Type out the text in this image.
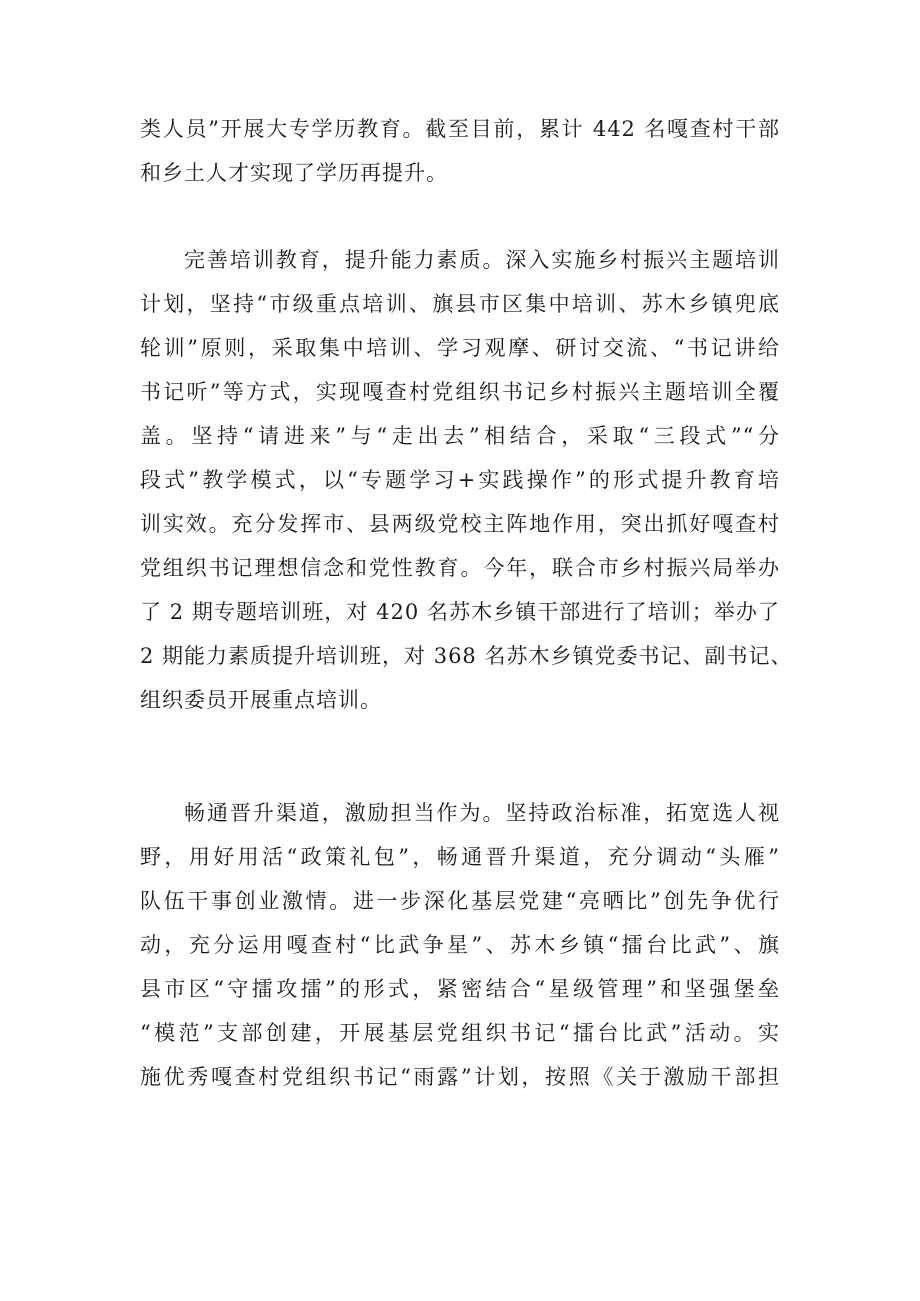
类人员”开展大专学历教育。截至目前，累计 442 名嘎查村干部
和乡土人才实现了学历再提升。
完善培训教育，提升能力素质。深入实施乡村振兴主题培训
计划，坚持“市级重点培训、旗县市区集中培训、苏木乡镇兜底
轮训”原则，采取集中培训、学习观摩、研讨交流、“书记讲给
书记听”等方式，实现嘎查村党组织书记乡村振兴主题培训全覆
盖。坚持“请进来”与“走出去”相结合，采取“三段式”“分
段式”教学模式，以“专题学习+实践操作”的形式提升教育培
训实效。充分发挥市、县两级党校主阵地作用，突出抓好嘎查村
党组织书记理想信念和党性教育。今年，联合市乡村振兴局举办
了 2 期专题培训班，对 420 名苏木乡镇干部进行了培训；举办了
2 期能力素质提升培训班，对 368 名苏木乡镇党委书记、副书记、
组织委员开展重点培训。
畅通晋升渠道，激励担当作为。坚持政治标准，拓宽选人视
野，用好用活“政策礼包”，畅通晋升渠道，充分调动“头雁”
队伍干事创业激情。进一步深化基层党建“亮晒比”创先争优行
动，充分运用嘎查村“比武争星”、苏木乡镇“擂台比武”、旗
县市区“守擂攻擂”的形式，紧密结合“星级管理”和坚强堡垒
“模范”支部创建，开展基层党组织书记“擂台比武”活动。实
施优秀嘎查村党组织书记“雨露”计划，按照《关于激励干部担
